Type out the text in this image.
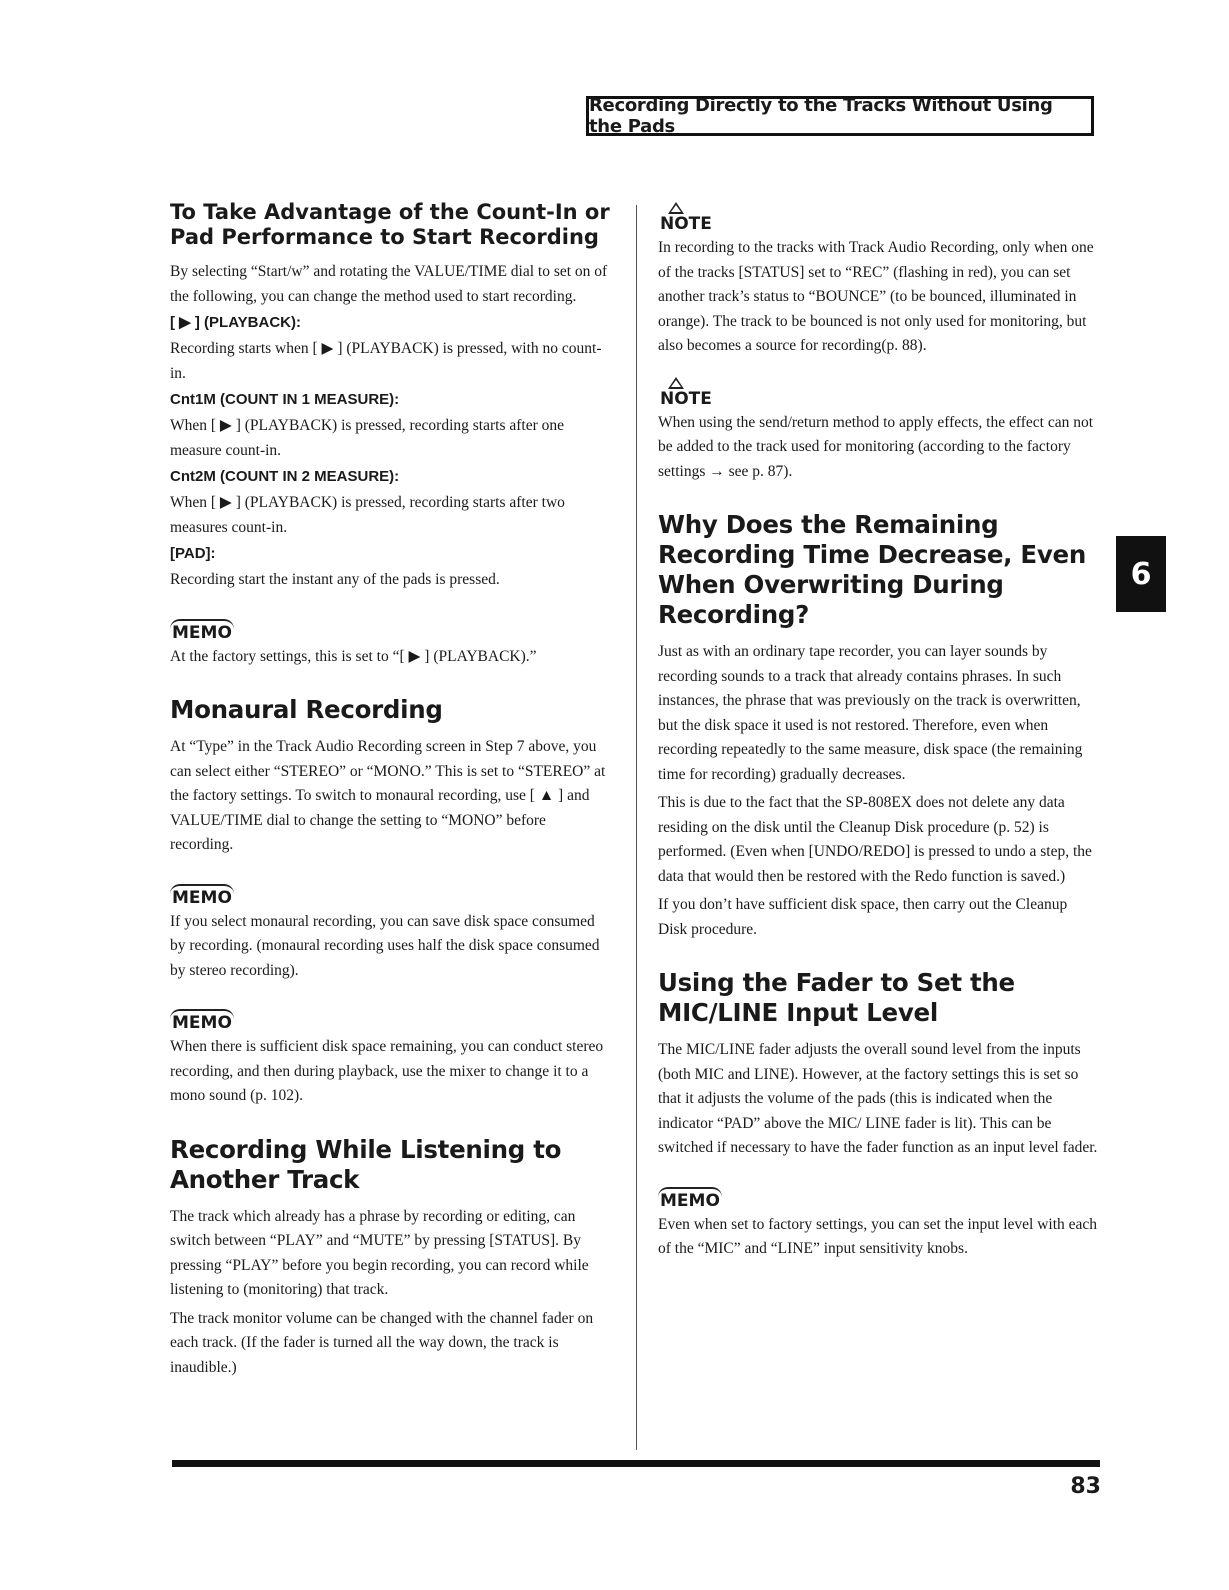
Recording Directly to the Tracks Without Using the Pads
To Take Advantage of the Count-In or Pad Performance to Start Recording

By selecting “Start/w” and rotating the VALUE/TIME dial to set on of the following, you can change the method used to start recording.

[ ▶ ] (PLAYBACK):

Recording starts when [ ▶ ] (PLAYBACK) is pressed, with no count-in.

Cnt1M (COUNT IN 1 MEASURE):

When [ ▶ ] (PLAYBACK) is pressed, recording starts after one measure count-in.

Cnt2M (COUNT IN 2 MEASURE):

When [ ▶ ] (PLAYBACK) is pressed, recording starts after two measures count-in.

[PAD]:

Recording start the instant any of the pads is pressed.

MEMO

At the factory settings, this is set to “[ ▶ ] (PLAYBACK).”

Monaural Recording

At “Type” in the Track Audio Recording screen in Step 7 above, you can select either “STEREO” or “MONO.” This is set to “STEREO” at the factory settings. To switch to monaural recording, use [ ▲ ] and VALUE/TIME dial to change the setting to “MONO” before recording.

MEMO

If you select monaural recording, you can save disk space consumed by recording. (monaural recording uses half the disk space consumed by stereo recording).

MEMO

When there is sufficient disk space remaining, you can conduct stereo recording, and then during playback, use the mixer to change it to a mono sound (p. 102).

Recording While Listening to Another Track

The track which already has a phrase by recording or editing, can switch between “PLAY” and “MUTE” by pressing [STATUS]. By pressing “PLAY” before you begin recording, you can record while listening to (monitoring) that track.

The track monitor volume can be changed with the channel fader on each track. (If the fader is turned all the way down, the track is inaudible.)

NOTE

In recording to the tracks with Track Audio Recording, only when one of the tracks [STATUS] set to “REC” (flashing in red), you can set another track’s status to “BOUNCE” (to be bounced, illuminated in orange). The track to be bounced is not only used for monitoring, but also becomes a source for recording(p. 88).

NOTE

When using the send/return method to apply effects, the effect can not be added to the track used for monitoring (according to the factory settings → see p. 87).

Why Does the Remaining Recording Time Decrease, Even When Overwriting During Recording?

Just as with an ordinary tape recorder, you can layer sounds by recording sounds to a track that already contains phrases. In such instances, the phrase that was previously on the track is overwritten, but the disk space it used is not restored. Therefore, even when recording repeatedly to the same measure, disk space (the remaining time for recording) gradually decreases.

This is due to the fact that the SP-808EX does not delete any data residing on the disk until the Cleanup Disk procedure (p. 52) is performed. (Even when [UNDO/REDO] is pressed to undo a step, the data that would then be restored with the Redo function is saved.)

If you don’t have sufficient disk space, then carry out the Cleanup Disk procedure.

Using the Fader to Set the MIC/LINE Input Level

The MIC/LINE fader adjusts the overall sound level from the inputs (both MIC and LINE). However, at the factory settings this is set so that it adjusts the volume of the pads (this is indicated when the indicator “PAD” above the MIC/ LINE fader is lit). This can be switched if necessary to have the fader function as an input level fader.

MEMO

Even when set to factory settings, you can set the input level with each of the “MIC” and “LINE” input sensitivity knobs.

6
83
